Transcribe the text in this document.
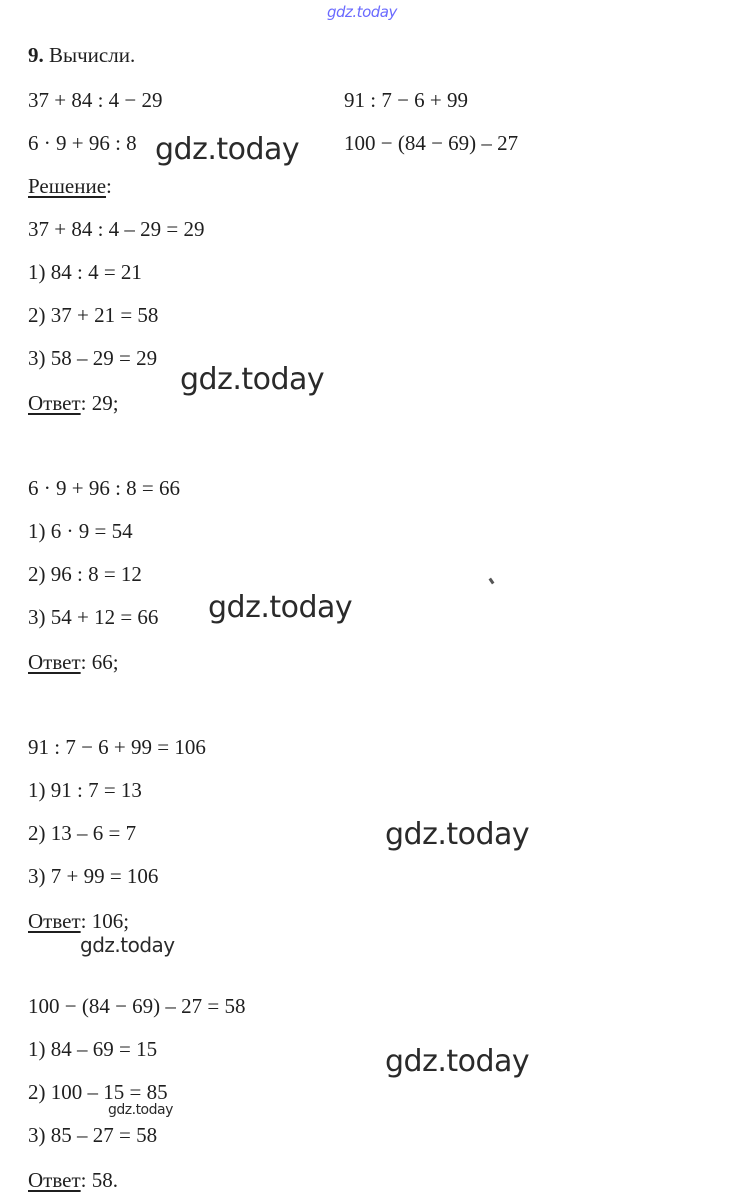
gdz.today
9. Вычисли.
37 + 84 : 4 − 29	91 : 7 − 6 + 99
6 · 9 + 96 : 8	100 − (84 − 69) – 27
gdz.today
Решение:
37 + 84 : 4 – 29 = 29
1) 84 : 4 = 21
2) 37 + 21 = 58
3) 58 – 29 = 29
gdz.today
Ответ: 29;
6 · 9 + 96 : 8 = 66
1) 6 · 9 = 54
2) 96 : 8 = 12
3) 54 + 12 = 66 gdz.today
Ответ: 66;
91 : 7 − 6 + 99 = 106
1) 91 : 7 = 13
2) 13 – 6 = 7	gdz.today
3) 7 + 99 = 106
Ответ: 106;
gdz.today
100 − (84 − 69) – 27 = 58
1) 84 – 69 = 15	gdz.today
2) 100 – 15 = 85
gdz.today
3) 85 – 27 = 58
Ответ: 58.
